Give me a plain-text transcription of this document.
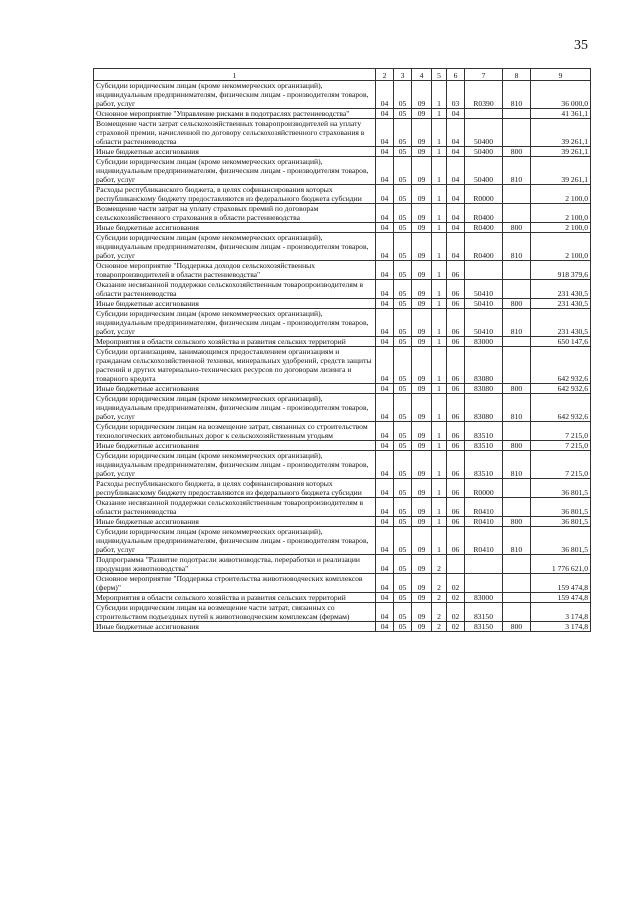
35
1	2	3	4	5	6	7	8	9
Субсидии юридическим лицам (кроме некоммерческих организаций), индивидуальным предпринимателям, физическим лицам - производителям товаров, работ, услуг	04	05	09	1	03	R0390	810	36 000,0
Основное мероприятие "Управление рисками в подотраслях растениеводства"	04	05	09	1	04			41 361,1
Возмещение части затрат сельскохозяйственных товаропроизводителей на уплату страховой премии, начисленной по договору сельскохозяйственного страхования в области растениеводства	04	05	09	1	04	50400		39 261,1
Иные бюджетные ассигнования	04	05	09	1	04	50400	800	39 261,1
Субсидии юридическим лицам (кроме некоммерческих организаций), индивидуальным предпринимателям, физическим лицам - производителям товаров, работ, услуг	04	05	09	1	04	50400	810	39 261,1
Расходы республиканского бюджета, в целях софинансирования которых республиканскому бюджету предоставляются из федерального бюджета субсидии	04	05	09	1	04	R0000		2 100,0
Возмещение части затрат на уплату страховых премий по договорам сельскохозяйственного страхования в области растениеводства	04	05	09	1	04	R0400		2 100,0
Иные бюджетные ассигнования	04	05	09	1	04	R0400	800	2 100,0
Субсидии юридическим лицам (кроме некоммерческих организаций), индивидуальным предпринимателям, физическим лицам - производителям товаров, работ, услуг	04	05	09	1	04	R0400	810	2 100,0
Основное мероприятие "Поддержка доходов сельскохозяйственных товаропроизводителей в области растениеводства"	04	05	09	1	06			918 379,6
Оказание несвязанной поддержки сельскохозяйственным товаропроизводителям в области растениеводства	04	05	09	1	06	50410		231 430,5
Иные бюджетные ассигнования	04	05	09	1	06	50410	800	231 430,5
Субсидии юридическим лицам (кроме некоммерческих организаций), индивидуальным предпринимателям, физическим лицам - производителям товаров, работ, услуг	04	05	09	1	06	50410	810	231 430,5
Мероприятия в области сельского хозяйства и развития сельских территорий	04	05	09	1	06	83000		650 147,6
Субсидии организациям, занимающимся предоставлением организациям и гражданам сельскохозяйственной техники, минеральных удобрений, средств защиты растений и других материально-технических ресурсов по договорам лизинга и товарного кредита	04	05	09	1	06	83080		642 932,6
Иные бюджетные ассигнования	04	05	09	1	06	83080	800	642 932,6
Субсидии юридическим лицам (кроме некоммерческих организаций), индивидуальным предпринимателям, физическим лицам - производителям товаров, работ, услуг	04	05	09	1	06	83080	810	642 932,6
Субсидии юридическим лицам на возмещение затрат, связанных со строительством технологических автомобильных дорог к сельскохозяйственным угодьям	04	05	09	1	06	83510		7 215,0
Иные бюджетные ассигнования	04	05	09	1	06	83510	800	7 215,0
Субсидии юридическим лицам (кроме некоммерческих организаций), индивидуальным предпринимателям, физическим лицам - производителям товаров, работ, услуг	04	05	09	1	06	83510	810	7 215,0
Расходы республиканского бюджета, в целях софинансирования которых республиканскому бюджету предоставляются из федерального бюджета субсидии	04	05	09	1	06	R0000		36 801,5
Оказание несвязанной поддержки сельскохозяйственным товаропроизводителям в области растениеводства	04	05	09	1	06	R0410		36 801,5
Иные бюджетные ассигнования	04	05	09	1	06	R0410	800	36 801,5
Субсидии юридическим лицам (кроме некоммерческих организаций), индивидуальным предпринимателям, физическим лицам - производителям товаров, работ, услуг	04	05	09	1	06	R0410	810	36 801,5
Подпрограмма "Развитие подотрасли животноводства, переработки и реализации продукции животноводства"	04	05	09	2				1 776 621,0
Основное мероприятие "Поддержка строительства животноводческих комплексов (ферм)"	04	05	09	2	02			159 474,8
Мероприятия в области сельского хозяйства и развития сельских территорий	04	05	09	2	02	83000		159 474,8
Субсидии юридическим лицам на возмещение части затрат, связанных со строительством подъездных путей к животноводческим комплексам (фермам)	04	05	09	2	02	83150		3 174,8
Иные бюджетные ассигнования	04	05	09	2	02	83150	800	3 174,8
